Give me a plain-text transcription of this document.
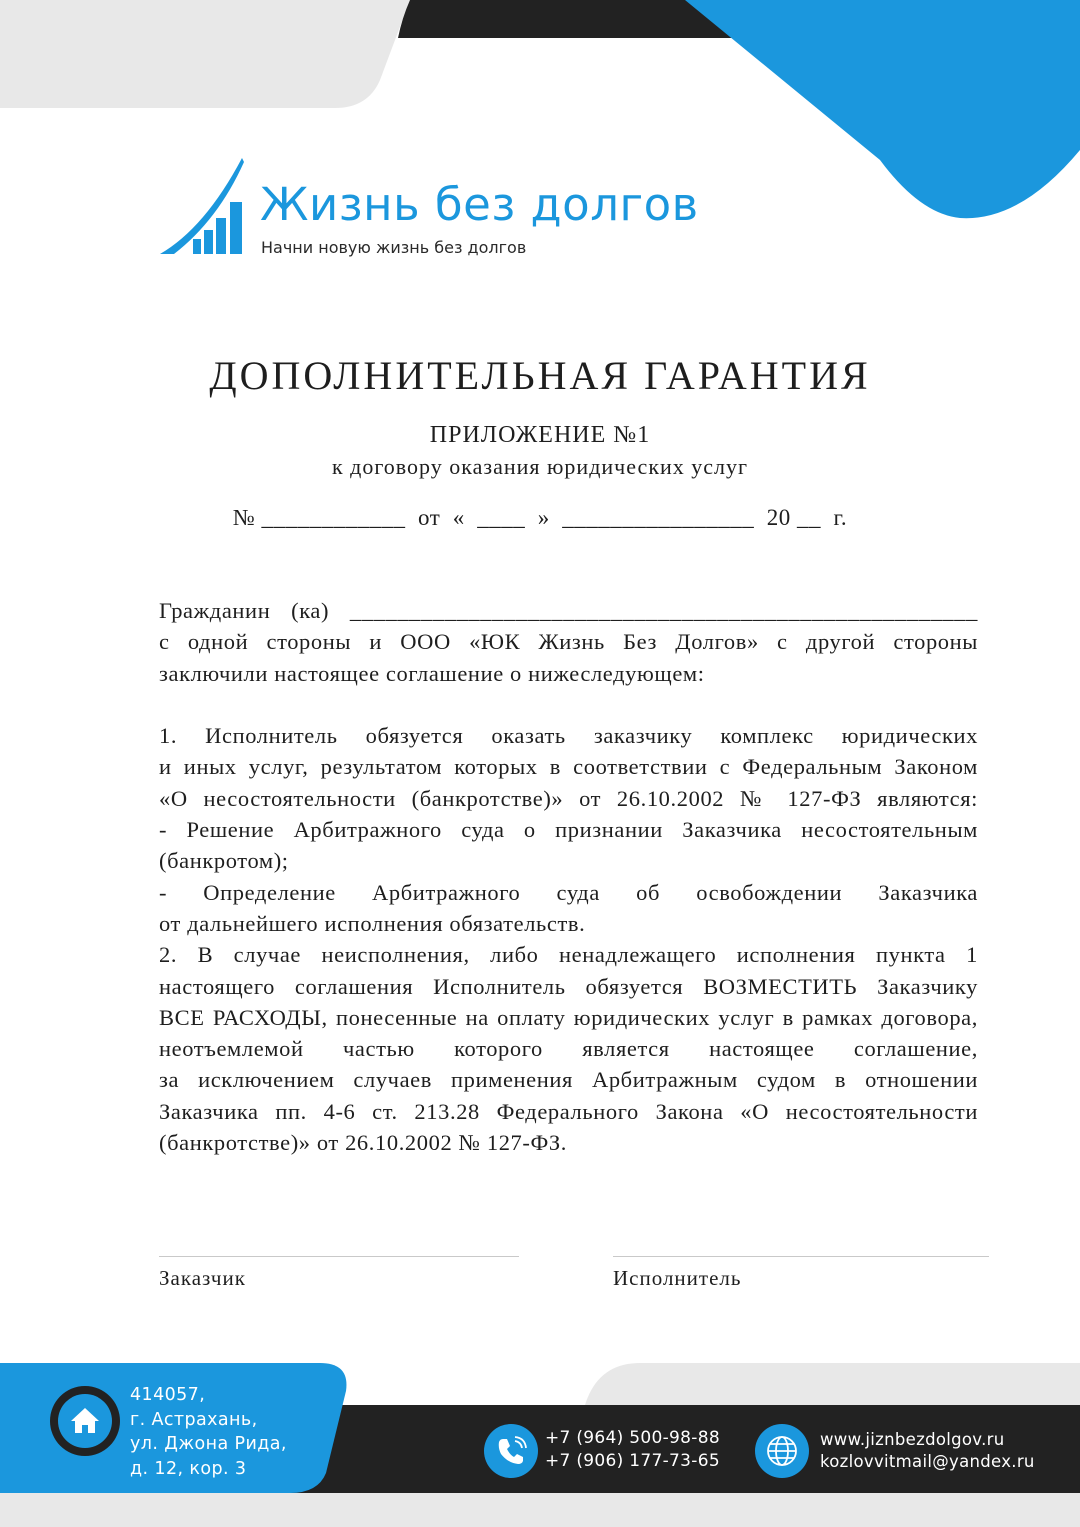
Жизнь без долгов
Начни новую жизнь без долгов
ДОПОЛНИТЕЛЬНАЯ ГАРАНТИЯ
ПРИЛОЖЕНИЕ №1
к договору оказания юридических услуг
№ ____________  от  «  ____  »  ________________  20 __  г.
Гражданин (ка) _____________________________________________________
с одной стороны и ООО «ЮК Жизнь Без Долгов» с другой стороны
заключили настоящее соглашение о нижеследующем:
1. Исполнитель обязуется оказать заказчику комплекс юридических
и иных услуг, результатом которых в соответствии с Федеральным Законом
«О несостоятельности (банкротстве)» от 26.10.2002 № 127-ФЗ являются:
- Решение Арбитражного суда о признании Заказчика несостоятельным
(банкротом);
- Определение Арбитражного суда об освобождении Заказчика
от дальнейшего исполнения обязательств.
2. В случае неисполнения, либо ненадлежащего исполнения пункта 1
настоящего соглашения Исполнитель обязуется ВОЗМЕСТИТЬ Заказчику
ВСЕ РАСХОДЫ, понесенные на оплату юридических услуг в рамках договора,
неотъемлемой частью которого является настоящее соглашение,
за исключением случаев применения Арбитражным судом в отношении
Заказчика пп. 4-6 ст. 213.28 Федерального Закона «О несостоятельности
(банкротстве)» от 26.10.2002 № 127-ФЗ.
Заказчик	Исполнитель
414057,
г. Астрахань,
ул. Джона Рида,
д. 12, кор. 3
+7 (964) 500-98-88
+7 (906) 177-73-65
www.jiznbezdolgov.ru
kozlovvitmail@yandex.ru
